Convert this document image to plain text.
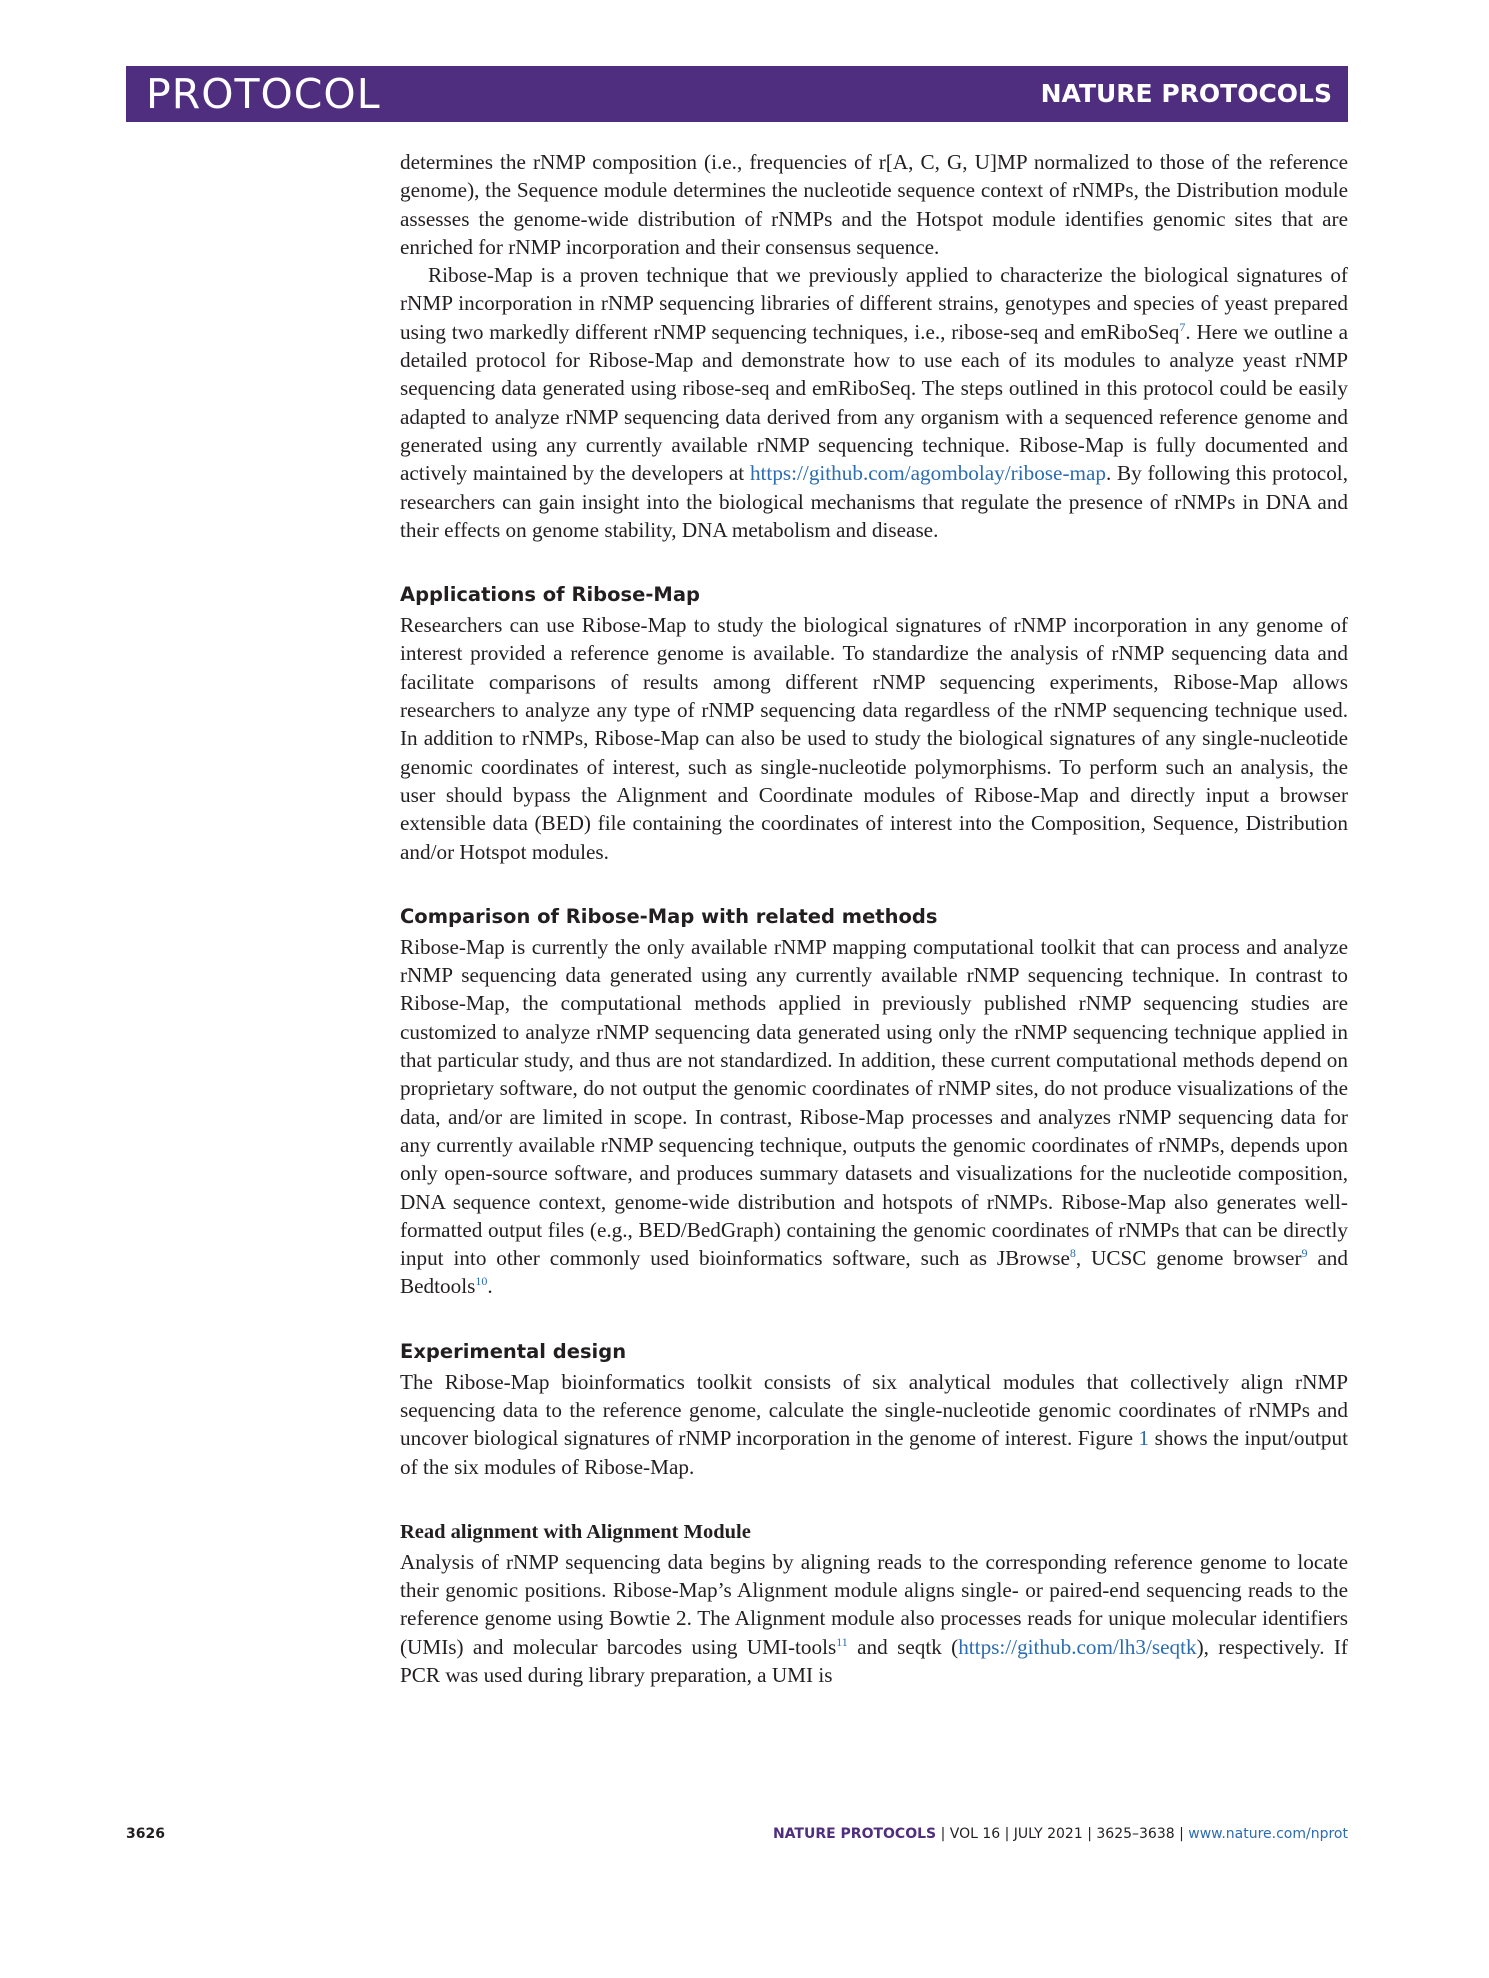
PROTOCOL	NATURE PROTOCOLS

determines the rNMP composition (i.e., frequencies of r[A, C, G, U]MP normalized to those of the reference genome), the Sequence module determines the nucleotide sequence context of rNMPs, the Distribution module assesses the genome-wide distribution of rNMPs and the Hotspot module identifies genomic sites that are enriched for rNMP incorporation and their consensus sequence.

Ribose-Map is a proven technique that we previously applied to characterize the biological signatures of rNMP incorporation in rNMP sequencing libraries of different strains, genotypes and species of yeast prepared using two markedly different rNMP sequencing techniques, i.e., ribose-seq and emRiboSeq$^7$. Here we outline a detailed protocol for Ribose-Map and demonstrate how to use each of its modules to analyze yeast rNMP sequencing data generated using ribose-seq and emRiboSeq. The steps outlined in this protocol could be easily adapted to analyze rNMP sequencing data derived from any organism with a sequenced reference genome and generated using any currently available rNMP sequencing technique. Ribose-Map is fully documented and actively maintained by the developers at https://github.com/agombolay/ribose-map. By following this protocol, researchers can gain insight into the biological mechanisms that regulate the presence of rNMPs in DNA and their effects on genome stability, DNA metabolism and disease.

Applications of Ribose-Map

Researchers can use Ribose-Map to study the biological signatures of rNMP incorporation in any genome of interest provided a reference genome is available. To standardize the analysis of rNMP sequencing data and facilitate comparisons of results among different rNMP sequencing experiments, Ribose-Map allows researchers to analyze any type of rNMP sequencing data regardless of the rNMP sequencing technique used. In addition to rNMPs, Ribose-Map can also be used to study the biological signatures of any single-nucleotide genomic coordinates of interest, such as single-nucleotide polymorphisms. To perform such an analysis, the user should bypass the Alignment and Coordinate modules of Ribose-Map and directly input a browser extensible data (BED) file containing the coordinates of interest into the Composition, Sequence, Distribution and/or Hotspot modules.

Comparison of Ribose-Map with related methods

Ribose-Map is currently the only available rNMP mapping computational toolkit that can process and analyze rNMP sequencing data generated using any currently available rNMP sequencing technique. In contrast to Ribose-Map, the computational methods applied in previously published rNMP sequencing studies are customized to analyze rNMP sequencing data generated using only the rNMP sequencing technique applied in that particular study, and thus are not standardized. In addition, these current computational methods depend on proprietary software, do not output the genomic coordinates of rNMP sites, do not produce visualizations of the data, and/or are limited in scope. In contrast, Ribose-Map processes and analyzes rNMP sequencing data for any currently available rNMP sequencing technique, outputs the genomic coordinates of rNMPs, depends upon only open-source software, and produces summary datasets and visualizations for the nucleotide composition, DNA sequence context, genome-wide distribution and hotspots of rNMPs. Ribose-Map also generates well-formatted output files (e.g., BED/BedGraph) containing the genomic coordinates of rNMPs that can be directly input into other commonly used bioinformatics software, such as JBrowse$^8$, UCSC genome browser$^9$ and Bedtools$^{10}$.

Experimental design

The Ribose-Map bioinformatics toolkit consists of six analytical modules that collectively align rNMP sequencing data to the reference genome, calculate the single-nucleotide genomic coordinates of rNMPs and uncover biological signatures of rNMP incorporation in the genome of interest. Figure 1 shows the input/output of the six modules of Ribose-Map.

Read alignment with Alignment Module

Analysis of rNMP sequencing data begins by aligning reads to the corresponding reference genome to locate their genomic positions. Ribose-Map’s Alignment module aligns single- or paired-end sequencing reads to the reference genome using Bowtie 2. The Alignment module also processes reads for unique molecular identifiers (UMIs) and molecular barcodes using UMI-tools$^{11}$ and seqtk (https://github.com/lh3/seqtk), respectively. If PCR was used during library preparation, a UMI is

3626	NATURE PROTOCOLS | VOL 16 | JULY 2021 | 3625–3638 | www.nature.com/nprot
